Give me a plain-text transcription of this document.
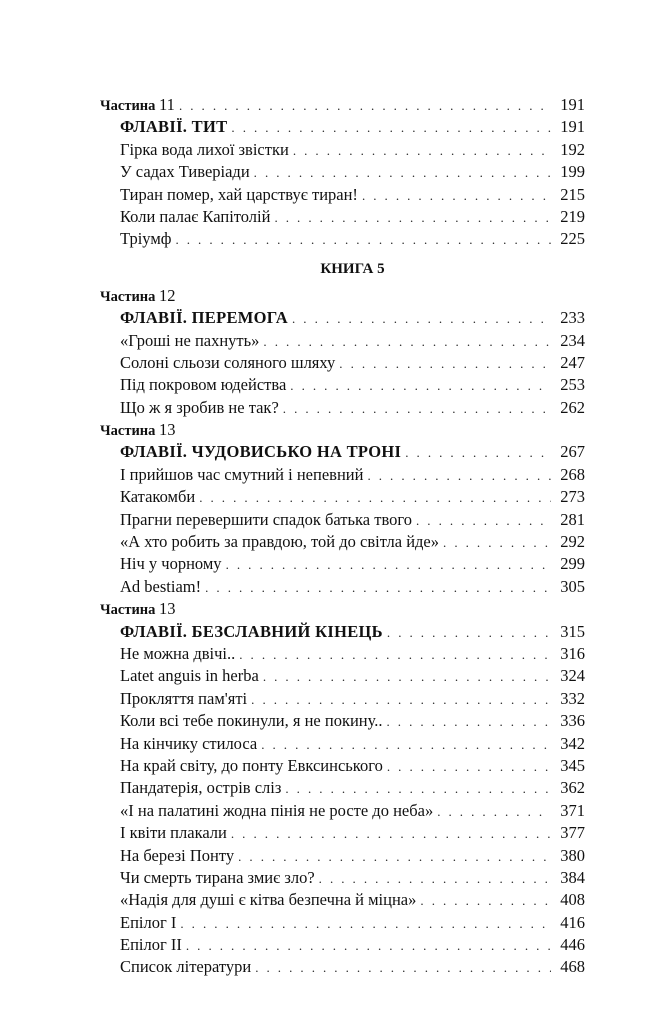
Частина 11 . . .	191
ФЛАВІЇ. ТИТ . . .	191
Гірка вода лихої звістки . . .	192
У садах Тиверіади . . .	199
Тиран помер, хай царствує тиран! . . .	215
Коли палає Капітолій . . .	219
Тріумф . . .	225
КНИГА 5
Частина 12
ФЛАВІЇ. ПЕРЕМОГА . . .	233
«Гроші не пахнуть» . . .	234
Солоні сльози соляного шляху . . .	247
Під покровом юдейства . . .	253
Що ж я зробив не так? . . .	262
Частина 13
ФЛАВІЇ. ЧУДОВИСЬКО НА ТРОНІ . . .	267
І прийшов час смутний і непевний . . .	268
Катакомби . . .	273
Прагни перевершити спадок батька твого . . .	281
«А хто робить за правдою, той до світла йде» . . .	292
Ніч у чорному . . .	299
Ad bestiam! . . .	305
Частина 13
ФЛАВІЇ. БЕЗСЛАВНИЙ КІНЕЦЬ . . .	315
Не можна двічі.. . . .	316
Latet anguis in herba . . .	324
Прокляття пам'яті . . .	332
Коли всі тебе покинули, я не покину.. . . .	336
На кінчику стилоса . . .	342
На край світу, до понту Евксинського . . .	345
Пандатерія, острів сліз . . .	362
«І на палатині жодна пінія не росте до неба» . . .	371
І квіти плакали . . .	377
На березі Понту . . .	380
Чи смерть тирана змиє зло? . . .	384
«Надія для душі є кітва безпечна й міцна» . . .	408
Епілог І . . .	416
Епілог ІІ . . .	446
Список літератури . . .	468
